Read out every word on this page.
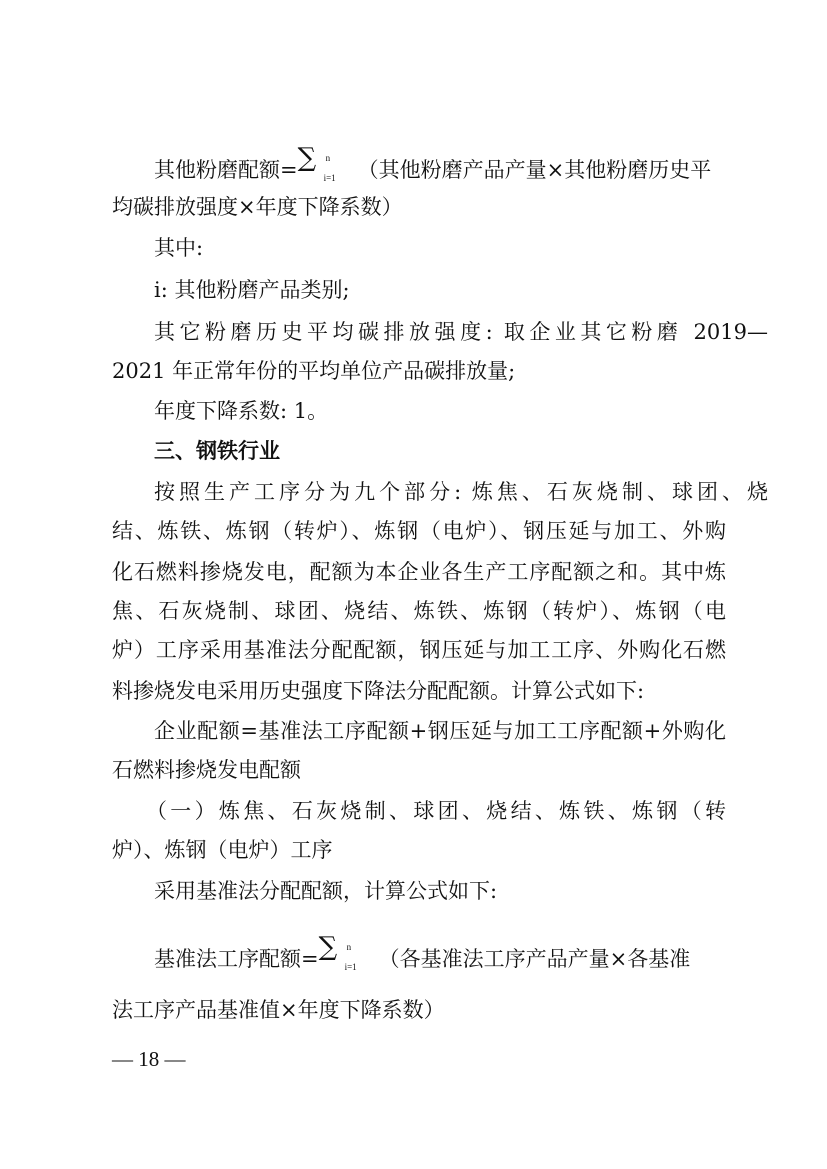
其他粉磨配额= ∑ n
i=1 （其他粉磨产品产量×其他粉磨历史平
均碳排放强度×年度下降系数）
其中:
i: 其他粉磨产品类别;
其它粉磨历史平均碳排放强度: 取企业其它粉磨 2019—
2021 年正常年份的平均单位产品碳排放量;
年度下降系数: 1。
三、钢铁行业
按照生产工序分为九个部分: 炼焦、石灰烧制、球团、烧
结、炼铁、炼钢（转炉）、炼钢（电炉）、钢压延与加工、外购
化石燃料掺烧发电，配额为本企业各生产工序配额之和。其中炼
焦、石灰烧制、球团、烧结、炼铁、炼钢（转炉）、炼钢（电
炉）工序采用基准法分配配额，钢压延与加工工序、外购化石燃
料掺烧发电采用历史强度下降法分配配额。计算公式如下:
企业配额=基准法工序配额+钢压延与加工工序配额+外购化
石燃料掺烧发电配额
（一）炼焦、石灰烧制、球团、烧结、炼铁、炼钢（转
炉）、炼钢（电炉）工序
采用基准法分配配额，计算公式如下:
基准法工序配额= ∑ n
i=1 （各基准法工序产品产量×各基准
法工序产品基准值×年度下降系数）
— 18 —
